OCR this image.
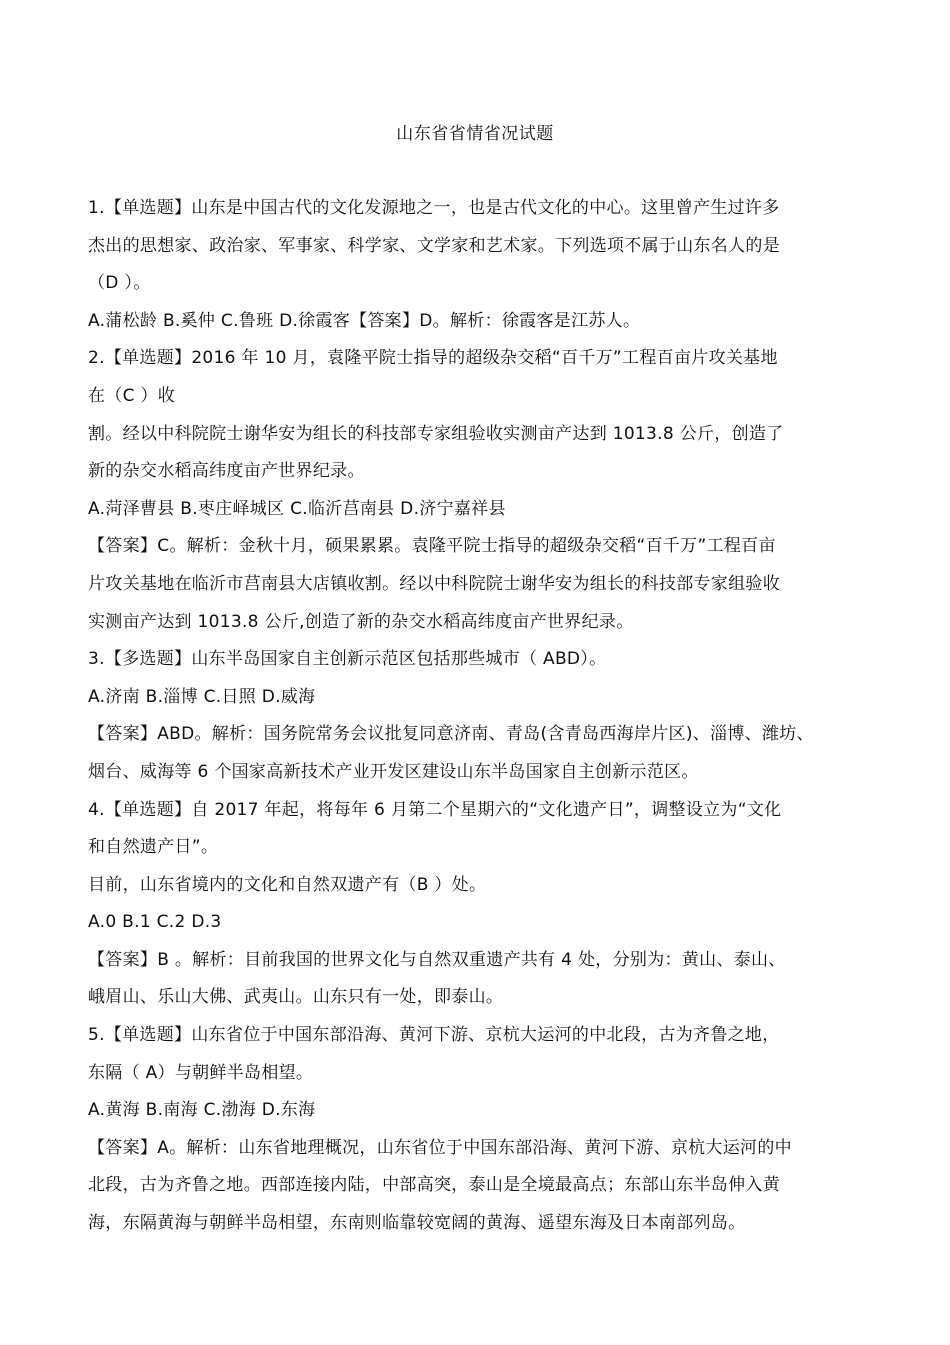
山东省省情省况试题
1.【单选题】山东是中国古代的文化发源地之一，也是古代文化的中心。这里曾产生过许多
杰出的思想家、政治家、军事家、科学家、文学家和艺术家。下列选项不属于山东名人的是
（D ）。
A.蒲松龄 B.奚仲 C.鲁班 D.徐霞客【答案】D。解析：徐霞客是江苏人。
2.【单选题】2016 年 10 月，袁隆平院士指导的超级杂交稻“百千万”工程百亩片攻关基地
在（C ）收
割。经以中科院院士谢华安为组长的科技部专家组验收实测亩产达到 1013.8 公斤，创造了
新的杂交水稻高纬度亩产世界纪录。
A.菏泽曹县 B.枣庄峄城区 C.临沂莒南县 D.济宁嘉祥县
【答案】C。解析：金秋十月，硕果累累。袁隆平院士指导的超级杂交稻“百千万”工程百亩
片攻关基地在临沂市莒南县大店镇收割。经以中科院院士谢华安为组长的科技部专家组验收
实测亩产达到 1013.8 公斤,创造了新的杂交水稻高纬度亩产世界纪录。
3.【多选题】山东半岛国家自主创新示范区包括那些城市（ ABD）。
A.济南 B.淄博 C.日照 D.威海
【答案】ABD。解析：国务院常务会议批复同意济南、青岛(含青岛西海岸片区)、淄博、潍坊、
烟台、威海等 6 个国家高新技术产业开发区建设山东半岛国家自主创新示范区。
4.【单选题】自 2017 年起，将每年 6 月第二个星期六的“文化遗产日”，调整设立为“文化
和自然遗产日”。
目前，山东省境内的文化和自然双遗产有（B ）处。
A.0 B.1 C.2 D.3
【答案】B 。解析：目前我国的世界文化与自然双重遗产共有 4 处，分别为：黄山、泰山、
峨眉山、乐山大佛、武夷山。山东只有一处，即泰山。
5.【单选题】山东省位于中国东部沿海、黄河下游、京杭大运河的中北段，古为齐鲁之地，
东隔（ A）与朝鲜半岛相望。
A.黄海 B.南海 C.渤海 D.东海
【答案】A。解析：山东省地理概况，山东省位于中国东部沿海、黄河下游、京杭大运河的中
北段，古为齐鲁之地。西部连接内陆，中部高突，泰山是全境最高点；东部山东半岛伸入黄
海，东隔黄海与朝鲜半岛相望，东南则临靠较宽阔的黄海、遥望东海及日本南部列岛。
